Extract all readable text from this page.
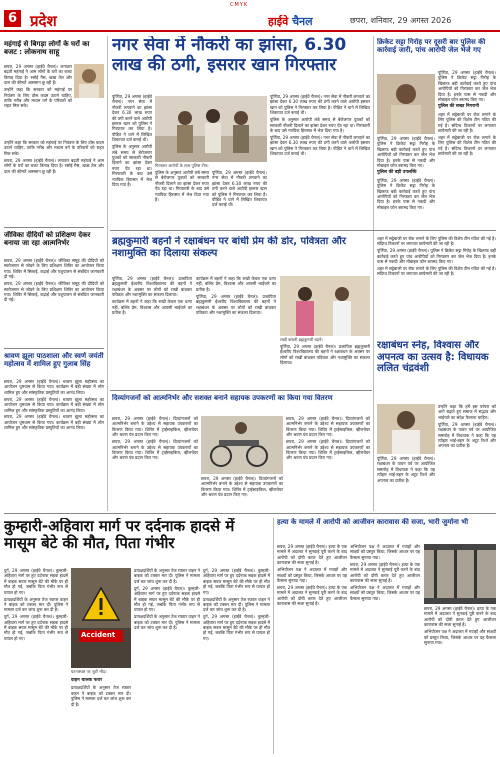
CMYK
6 प्रदेश	हाईवे चैनल	छपरा, शनिवार, 29 अगस्त 2026
महंगाई से बिगड़ा लोगों के घरों का बजट : लोकनाथ साहू

छपरा, 29 अगस्त (हाईवे चैनल)। लगातार बढ़ती महंगाई ने आम लोगों के घरों का बजट बिगाड़ दिया है। रसोई गैस, खाद्य तेल और दाल की कीमतें आसमान छू रही हैं।

उन्होंने कहा कि सरकार को महंगाई पर नियंत्रण के लिए ठोस कदम उठाने चाहिए, ताकि गरीब और मध्यम वर्ग के परिवारों को राहत मिल सके।

उन्होंने कहा कि सरकार को महंगाई पर नियंत्रण के लिए ठोस कदम उठाने चाहिए, ताकि गरीब और मध्यम वर्ग के परिवारों को राहत मिल सके।

छपरा, 29 अगस्त (हाईवे चैनल)। लगातार बढ़ती महंगाई ने आम लोगों के घरों का बजट बिगाड़ दिया है। रसोई गैस, खाद्य तेल और दाल की कीमतें आसमान छू रही हैं।

जीविका दीदियों को प्रशिक्षण देकर बनाया जा रहा आत्मनिर्भर

छपरा, 29 अगस्त (हाईवे चैनल)। जीविका समूह की दीदियों को स्वरोजगार से जोड़ने के लिए प्रशिक्षण शिविर का आयोजन किया गया। शिविर में सिलाई, कढ़ाई और पशुपालन से संबंधित जानकारी दी गई।

छपरा, 29 अगस्त (हाईवे चैनल)। जीविका समूह की दीदियों को स्वरोजगार से जोड़ने के लिए प्रशिक्षण शिविर का आयोजन किया गया। शिविर में सिलाई, कढ़ाई और पशुपालन से संबंधित जानकारी दी गई।

श्रावण झूला पाठशाला और स्वर्ण जयंती महोत्सव में शामिल हुए गुलाब सिंह

छपरा, 29 अगस्त (हाईवे चैनल)। श्रावण झूला महोत्सव का आयोजन धूमधाम से किया गया। कार्यक्रम में बड़ी संख्या में लोग शामिल हुए और सांस्कृतिक प्रस्तुतियों का आनंद लिया।

छपरा, 29 अगस्त (हाईवे चैनल)। श्रावण झूला महोत्सव का आयोजन धूमधाम से किया गया। कार्यक्रम में बड़ी संख्या में लोग शामिल हुए और सांस्कृतिक प्रस्तुतियों का आनंद लिया।

छपरा, 29 अगस्त (हाईवे चैनल)। श्रावण झूला महोत्सव का आयोजन धूमधाम से किया गया। कार्यक्रम में बड़ी संख्या में लोग शामिल हुए और सांस्कृतिक प्रस्तुतियों का आनंद लिया।

नगर सेवा में नौकरी का झांसा, 6.30 लाख की ठगी, इसरार खान गिरफ्तार

पूर्णिया, 29 अगस्त (हाईवे चैनल)। नगर सेवा में नौकरी लगवाने का झांसा देकर 6.30 लाख रुपए की ठगी करने वाले आरोपी इसरार खान को पुलिस ने गिरफ्तार कर लिया है। पीड़ित ने थाने में लिखित शिकायत दर्ज कराई थी।

पुलिस के अनुसार आरोपी लंबे समय से बेरोजगार युवकों को सरकारी नौकरी दिलाने का झांसा देकर रुपए ऐंठ रहा था। गिरफ्तारी के बाद उसे न्यायिक हिरासत में भेज दिया गया है।

गिरफ्तार आरोपी के साथ पुलिस टीम।

पुलिस के अनुसार आरोपी लंबे समय से बेरोजगार युवकों को सरकारी नौकरी दिलाने का झांसा देकर रुपए ऐंठ रहा था। गिरफ्तारी के बाद उसे न्यायिक हिरासत में भेज दिया गया है।

पूर्णिया, 29 अगस्त (हाईवे चैनल)। नगर सेवा में नौकरी लगवाने का झांसा देकर 6.30 लाख रुपए की ठगी करने वाले आरोपी इसरार खान को पुलिस ने गिरफ्तार कर लिया है। पीड़ित ने थाने में लिखित शिकायत दर्ज कराई थी।

पूर्णिया, 29 अगस्त (हाईवे चैनल)। नगर सेवा में नौकरी लगवाने का झांसा देकर 6.30 लाख रुपए की ठगी करने वाले आरोपी इसरार खान को पुलिस ने गिरफ्तार कर लिया है। पीड़ित ने थाने में लिखित शिकायत दर्ज कराई थी।

पुलिस के अनुसार आरोपी लंबे समय से बेरोजगार युवकों को सरकारी नौकरी दिलाने का झांसा देकर रुपए ऐंठ रहा था। गिरफ्तारी के बाद उसे न्यायिक हिरासत में भेज दिया गया है।

पूर्णिया, 29 अगस्त (हाईवे चैनल)। नगर सेवा में नौकरी लगवाने का झांसा देकर 6.30 लाख रुपए की ठगी करने वाले आरोपी इसरार खान को पुलिस ने गिरफ्तार कर लिया है। पीड़ित ने थाने में लिखित शिकायत दर्ज कराई थी।

क्रिकेट सट्टा गिरोह पर दूसरी बार पुलिस की कार्रवाई जारी, पांच आरोपी जेल भेजे गए

पूर्णिया, 29 अगस्त (हाईवे चैनल)। पुलिस ने क्रिकेट सट्टा गिरोह के खिलाफ बड़ी कार्रवाई करते हुए पांच आरोपियों को गिरफ्तार कर जेल भेज दिया है। इनके पास से नकदी और मोबाइल फोन बरामद किए गए।

पुलिस की सख्त निगरानी

शहर में सट्टेबाजी पर रोक लगाने के लिए पुलिस की विशेष टीम गठित की गई है। संदिग्ध ठिकानों पर लगातार छापेमारी की जा रही है।

शहर में सट्टेबाजी पर रोक लगाने के लिए पुलिस की विशेष टीम गठित की गई है। संदिग्ध ठिकानों पर लगातार छापेमारी की जा रही है।

पूर्णिया, 29 अगस्त (हाईवे चैनल)। पुलिस ने क्रिकेट सट्टा गिरोह के खिलाफ बड़ी कार्रवाई करते हुए पांच आरोपियों को गिरफ्तार कर जेल भेज दिया है। इनके पास से नकदी और मोबाइल फोन बरामद किए गए।

पुलिस की बड़ी उपलब्धि

पूर्णिया, 29 अगस्त (हाईवे चैनल)। पुलिस ने क्रिकेट सट्टा गिरोह के खिलाफ बड़ी कार्रवाई करते हुए पांच आरोपियों को गिरफ्तार कर जेल भेज दिया है। इनके पास से नकदी और मोबाइल फोन बरामद किए गए।

ब्रह्मकुमारी बहनों ने रक्षाबंधन पर बांधी प्रेम की डोर, पवित्रता और नशामुक्ति का दिलाया संकल्प

पूर्णिया, 29 अगस्त (हाईवे चैनल)। प्रजापिता ब्रह्मकुमारी ईश्वरीय विश्वविद्यालय की बहनों ने रक्षाबंधन के अवसर पर लोगों को राखी बांधकर पवित्रता और नशामुक्ति का संकल्प दिलाया।

कार्यक्रम में बहनों ने कहा कि राखी केवल एक धागा नहीं, बल्कि प्रेम, विश्वास और आपसी भाईचारे का प्रतीक है।

कार्यक्रम में बहनों ने कहा कि राखी केवल एक धागा नहीं, बल्कि प्रेम, विश्वास और आपसी भाईचारे का प्रतीक है।

पूर्णिया, 29 अगस्त (हाईवे चैनल)। प्रजापिता ब्रह्मकुमारी ईश्वरीय विश्वविद्यालय की बहनों ने रक्षाबंधन के अवसर पर लोगों को राखी बांधकर पवित्रता और नशामुक्ति का संकल्प दिलाया।

राखी बांधती ब्रह्मकुमारी बहनें।

पूर्णिया, 29 अगस्त (हाईवे चैनल)। प्रजापिता ब्रह्मकुमारी ईश्वरीय विश्वविद्यालय की बहनों ने रक्षाबंधन के अवसर पर लोगों को राखी बांधकर पवित्रता और नशामुक्ति का संकल्प दिलाया।

शहर में सट्टेबाजी पर रोक लगाने के लिए पुलिस की विशेष टीम गठित की गई है। संदिग्ध ठिकानों पर लगातार छापेमारी की जा रही है।

पूर्णिया, 29 अगस्त (हाईवे चैनल)। पुलिस ने क्रिकेट सट्टा गिरोह के खिलाफ बड़ी कार्रवाई करते हुए पांच आरोपियों को गिरफ्तार कर जेल भेज दिया है। इनके पास से नकदी और मोबाइल फोन बरामद किए गए।

शहर में सट्टेबाजी पर रोक लगाने के लिए पुलिस की विशेष टीम गठित की गई है। संदिग्ध ठिकानों पर लगातार छापेमारी की जा रही है।

दिव्यांगजनों को आत्मनिर्भर और सशक्त बनाने सहायक उपकरणों का किया गया वितरण

छपरा, 29 अगस्त (हाईवे चैनल)। दिव्यांगजनों को आत्मनिर्भर बनाने के उद्देश्य से सहायक उपकरणों का वितरण किया गया। शिविर में ट्राईसाइकिल, व्हीलचेयर और श्रवण यंत्र प्रदान किए गए।

छपरा, 29 अगस्त (हाईवे चैनल)। दिव्यांगजनों को आत्मनिर्भर बनाने के उद्देश्य से सहायक उपकरणों का वितरण किया गया। शिविर में ट्राईसाइकिल, व्हीलचेयर और श्रवण यंत्र प्रदान किए गए।

छपरा, 29 अगस्त (हाईवे चैनल)। दिव्यांगजनों को आत्मनिर्भर बनाने के उद्देश्य से सहायक उपकरणों का वितरण किया गया। शिविर में ट्राईसाइकिल, व्हीलचेयर और श्रवण यंत्र प्रदान किए गए।

छपरा, 29 अगस्त (हाईवे चैनल)। दिव्यांगजनों को आत्मनिर्भर बनाने के उद्देश्य से सहायक उपकरणों का वितरण किया गया। शिविर में ट्राईसाइकिल, व्हीलचेयर और श्रवण यंत्र प्रदान किए गए।

छपरा, 29 अगस्त (हाईवे चैनल)। दिव्यांगजनों को आत्मनिर्भर बनाने के उद्देश्य से सहायक उपकरणों का वितरण किया गया। शिविर में ट्राईसाइकिल, व्हीलचेयर और श्रवण यंत्र प्रदान किए गए।

रक्षाबंधन स्नेह, विश्वास और अपनत्व का उत्सव है: विधायक ललित चंद्रवंशी

उन्होंने कहा कि हमें इस परंपरा को आगे बढ़ाते हुए समाज में सद्भाव और भाईचारे का संदेश फैलाना चाहिए।

पूर्णिया, 29 अगस्त (हाईवे चैनल)। रक्षाबंधन के पावन पर्व पर आयोजित समारोह में विधायक ने कहा कि यह त्योहार भाई-बहन के अटूट रिश्ते और अपनत्व का प्रतीक है।

पूर्णिया, 29 अगस्त (हाईवे चैनल)। रक्षाबंधन के पावन पर्व पर आयोजित समारोह में विधायक ने कहा कि यह त्योहार भाई-बहन के अटूट रिश्ते और अपनत्व का प्रतीक है।

कुम्हारी-अहिवारा मार्ग पर दर्दनाक हादसे में मासूम बेटे की मौत, पिता गंभीर

दुर्ग, 29 अगस्त (हाईवे चैनल)। कुम्हारी-अहिवारा मार्ग पर हुए दर्दनाक सड़क हादसे में बाइक सवार मासूम बेटे की मौके पर ही मौत हो गई, जबकि पिता गंभीर रूप से घायल हो गए।

प्रत्यक्षदर्शियों के अनुसार तेज रफ्तार वाहन ने बाइक को टक्कर मार दी। पुलिस ने मामला दर्ज कर जांच शुरू कर दी है।

दुर्ग, 29 अगस्त (हाईवे चैनल)। कुम्हारी-अहिवारा मार्ग पर हुए दर्दनाक सड़क हादसे में बाइक सवार मासूम बेटे की मौके पर ही मौत हो गई, जबकि पिता गंभीर रूप से घायल हो गए।	Accident
घटनास्थल पर जुटी भीड़।
वाहन चालक फरार

प्रत्यक्षदर्शियों के अनुसार तेज रफ्तार वाहन ने बाइक को टक्कर मार दी। पुलिस ने मामला दर्ज कर जांच शुरू कर दी है।

प्रत्यक्षदर्शियों के अनुसार तेज रफ्तार वाहन ने बाइक को टक्कर मार दी। पुलिस ने मामला दर्ज कर जांच शुरू कर दी है।

दुर्ग, 29 अगस्त (हाईवे चैनल)। कुम्हारी-अहिवारा मार्ग पर हुए दर्दनाक सड़क हादसे में बाइक सवार मासूम बेटे की मौके पर ही मौत हो गई, जबकि पिता गंभीर रूप से घायल हो गए।

प्रत्यक्षदर्शियों के अनुसार तेज रफ्तार वाहन ने बाइक को टक्कर मार दी। पुलिस ने मामला दर्ज कर जांच शुरू कर दी है।

दुर्ग, 29 अगस्त (हाईवे चैनल)। कुम्हारी-अहिवारा मार्ग पर हुए दर्दनाक सड़क हादसे में बाइक सवार मासूम बेटे की मौके पर ही मौत हो गई, जबकि पिता गंभीर रूप से घायल हो गए।

प्रत्यक्षदर्शियों के अनुसार तेज रफ्तार वाहन ने बाइक को टक्कर मार दी। पुलिस ने मामला दर्ज कर जांच शुरू कर दी है।

दुर्ग, 29 अगस्त (हाईवे चैनल)। कुम्हारी-अहिवारा मार्ग पर हुए दर्दनाक सड़क हादसे में बाइक सवार मासूम बेटे की मौके पर ही मौत हो गई, जबकि पिता गंभीर रूप से घायल हो गए।

हत्या के मामले में आरोपी को आजीवन कारावास की सजा, भारी जुर्माना भी

छपरा, 29 अगस्त (हाईवे चैनल)। हत्या के एक मामले में अदालत ने सुनवाई पूरी करने के बाद आरोपी को दोषी करार देते हुए आजीवन कारावास की सजा सुनाई है।

अभियोजन पक्ष ने अदालत में गवाहों और साक्ष्यों को प्रस्तुत किया, जिसके आधार पर यह फैसला सुनाया गया।

छपरा, 29 अगस्त (हाईवे चैनल)। हत्या के एक मामले में अदालत ने सुनवाई पूरी करने के बाद आरोपी को दोषी करार देते हुए आजीवन कारावास की सजा सुनाई है।

अभियोजन पक्ष ने अदालत में गवाहों और साक्ष्यों को प्रस्तुत किया, जिसके आधार पर यह फैसला सुनाया गया।

छपरा, 29 अगस्त (हाईवे चैनल)। हत्या के एक मामले में अदालत ने सुनवाई पूरी करने के बाद आरोपी को दोषी करार देते हुए आजीवन कारावास की सजा सुनाई है।

अभियोजन पक्ष ने अदालत में गवाहों और साक्ष्यों को प्रस्तुत किया, जिसके आधार पर यह फैसला सुनाया गया।

छपरा, 29 अगस्त (हाईवे चैनल)। हत्या के एक मामले में अदालत ने सुनवाई पूरी करने के बाद आरोपी को दोषी करार देते हुए आजीवन कारावास की सजा सुनाई है।

अभियोजन पक्ष ने अदालत में गवाहों और साक्ष्यों को प्रस्तुत किया, जिसके आधार पर यह फैसला सुनाया गया।
